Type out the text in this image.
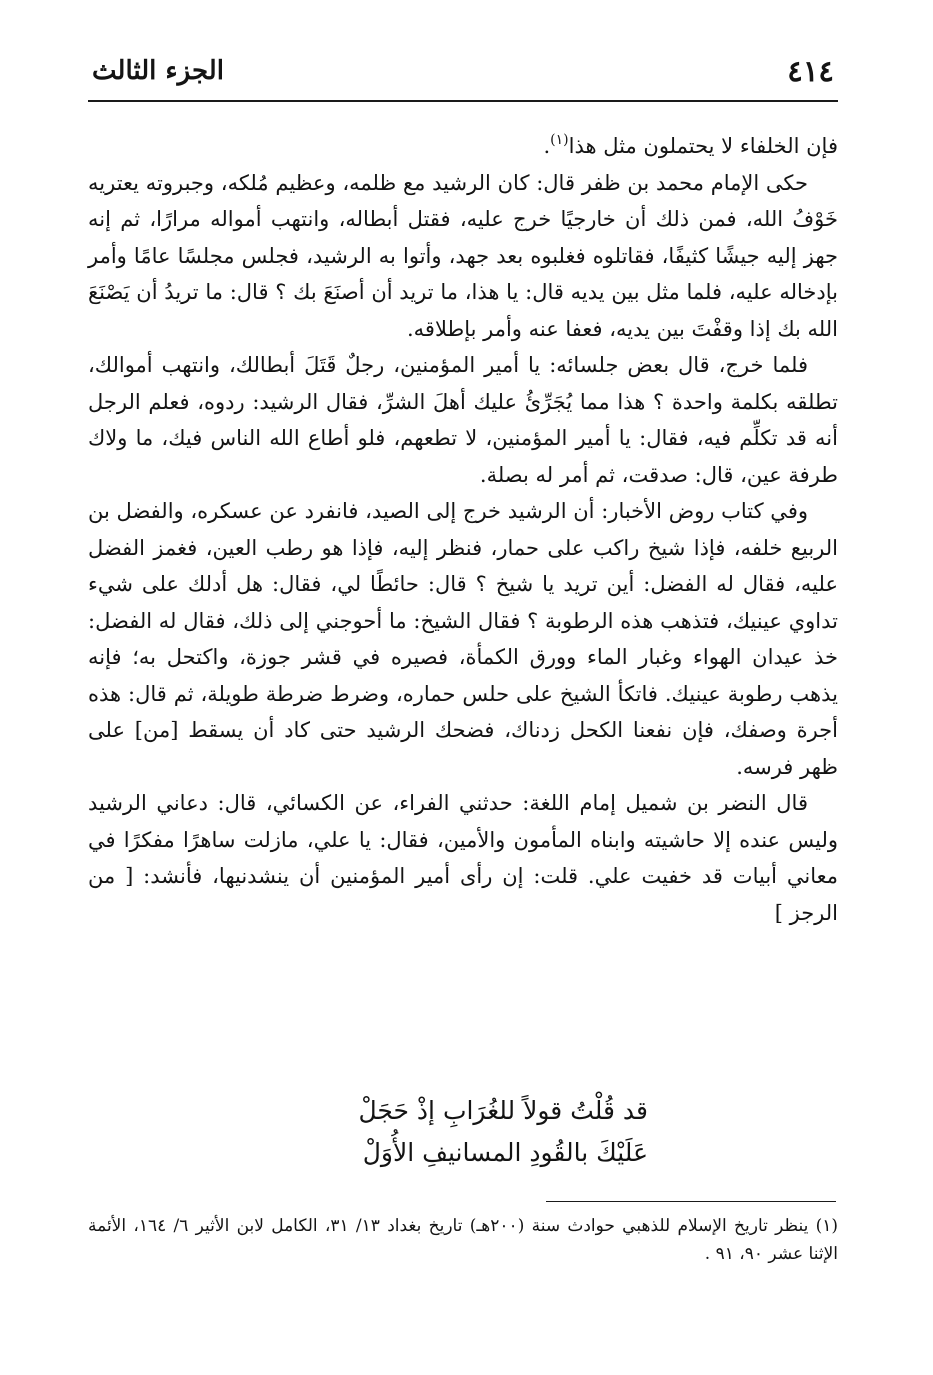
٤١٤
الجزء الثالث

فإن الخلفاء لا يحتملون مثل هذا$^{(١)}$.

حكى الإمام محمد بن ظفر قال: كان الرشيد مع ظلمه، وعظيم مُلكه، وجبروته يعتريه خَوْفُ الله، فمن ذلك أن خارجيًا خرج عليه، فقتل أبطاله، وانتهب أمواله مرارًا، ثم إنه جهز إليه جيشًا كثيفًا، فقاتلوه فغلبوه بعد جهد، وأتوا به الرشيد، فجلس مجلسًا عامًا وأمر بإدخاله عليه، فلما مثل بين يديه قال: يا هذا، ما تريد أن أصنَعَ بك ؟ قال: ما تريدُ أن يَصْنَعَ الله بك إذا وقفْتَ بين يديه، فعفا عنه وأمر بإطلاقه.

فلما خرج، قال بعض جلسائه: يا أمير المؤمنين، رجلٌ قَتَلَ أبطالك، وانتهب أموالك، تطلقه بكلمة واحدة ؟ هذا مما يُجَرِّئُ عليك أهلَ الشرِّ، فقال الرشيد: ردوه، فعلم الرجل أنه قد تكلِّم فيه، فقال: يا أمير المؤمنين، لا تطعهم، فلو أطاع الله الناس فيك، ما ولاك طرفة عين، قال: صدقت، ثم أمر له بصلة.

وفي كتاب روض الأخبار: أن الرشيد خرج إلى الصيد، فانفرد عن عسكره، والفضل بن الربيع خلفه، فإذا شيخ راكب على حمار، فنظر إليه، فإذا هو رطب العين، فغمز الفضل عليه، فقال له الفضل: أين تريد يا شيخ ؟ قال: حائطًا لي، فقال: هل أدلك على شيء تداوي عينيك، فتذهب هذه الرطوبة ؟ فقال الشيخ: ما أحوجني إلى ذلك، فقال له الفضل: خذ عيدان الهواء وغبار الماء وورق الكمأة، فصيره في قشر جوزة، واكتحل به؛ فإنه يذهب رطوبة عينيك. فاتكأ الشيخ على حلس حماره، وضرط ضرطة طويلة، ثم قال: هذه أجرة وصفك، فإن نفعنا الكحل زدناك، فضحك الرشيد حتى كاد أن يسقط [من] على ظهر فرسه.

قال النضر بن شميل إمام اللغة: حدثني الفراء، عن الكسائي، قال: دعاني الرشيد وليس عنده إلا حاشيته وابناه المأمون والأمين، فقال: يا علي، مازلت ساهرًا مفكرًا في معاني أبيات قد خفيت علي. قلت: إن رأى أمير المؤمنين أن ينشدنيها، فأنشد: [ من الرجز ]

قد قُلْتُ قولاً للغُرَابِ إذْ حَجَلْ
عَلَيْكَ بالقُودِ المسانيفِ الأُوَلْ

(١) ينظر تاريخ الإسلام للذهبي حوادث سنة (٢٠٠هـ) تاريخ بغداد ١٣/ ٣١، الكامل لابن الأثير ٦/ ١٦٤، الأئمة الإثنا عشر ٩٠، ٩١ .
